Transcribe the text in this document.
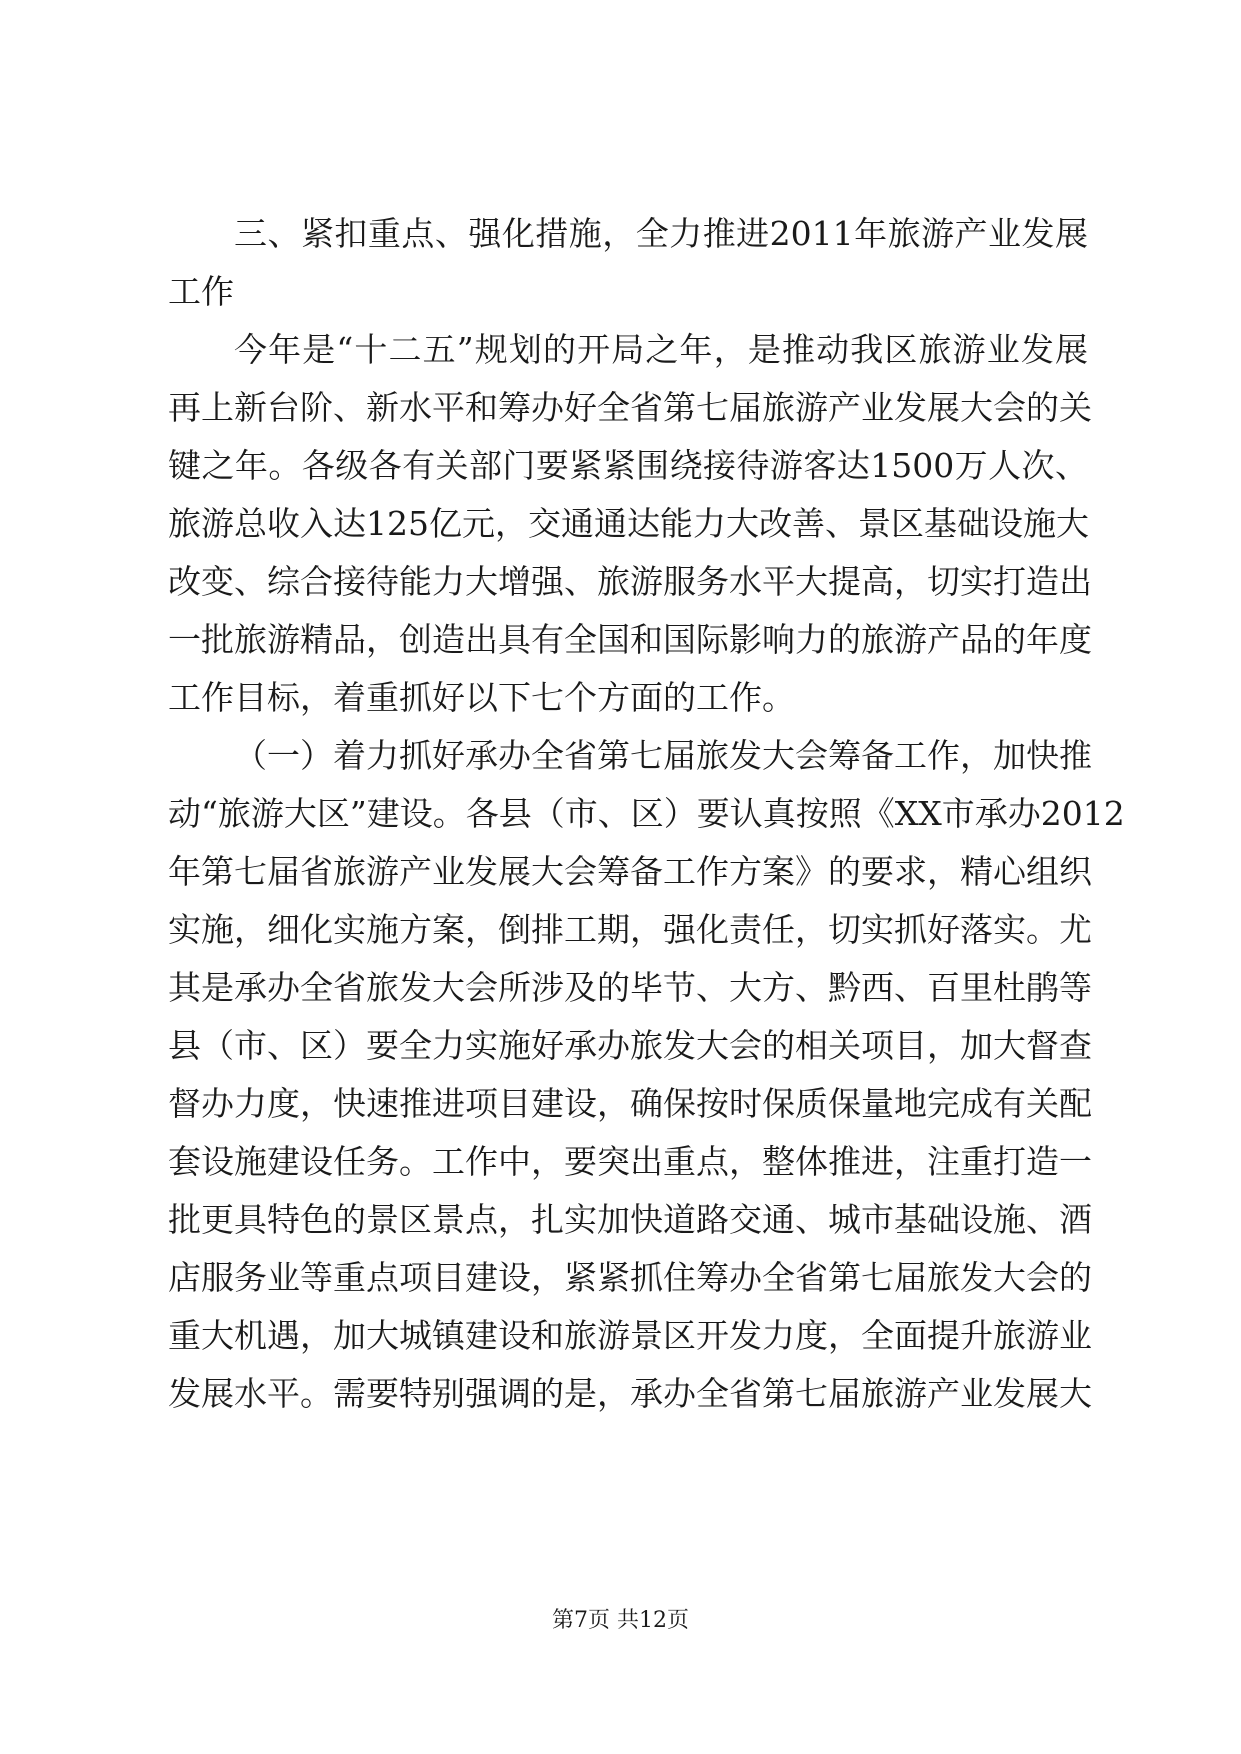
三、紧扣重点、强化措施，全力推进2011年旅游产业发展
工作
今年是“十二五”规划的开局之年，是推动我区旅游业发展
再上新台阶、新水平和筹办好全省第七届旅游产业发展大会的关
键之年。各级各有关部门要紧紧围绕接待游客达1500万人次、
旅游总收入达125亿元，交通通达能力大改善、景区基础设施大
改变、综合接待能力大增强、旅游服务水平大提高，切实打造出
一批旅游精品，创造出具有全国和国际影响力的旅游产品的年度
工作目标，着重抓好以下七个方面的工作。
（一）着力抓好承办全省第七届旅发大会筹备工作，加快推
动“旅游大区”建设。各县（市、区）要认真按照《XX市承办2012
年第七届省旅游产业发展大会筹备工作方案》的要求，精心组织
实施，细化实施方案，倒排工期，强化责任，切实抓好落实。尤
其是承办全省旅发大会所涉及的毕节、大方、黔西、百里杜鹃等
县（市、区）要全力实施好承办旅发大会的相关项目，加大督查
督办力度，快速推进项目建设，确保按时保质保量地完成有关配
套设施建设任务。工作中，要突出重点，整体推进，注重打造一
批更具特色的景区景点，扎实加快道路交通、城市基础设施、酒
店服务业等重点项目建设，紧紧抓住筹办全省第七届旅发大会的
重大机遇，加大城镇建设和旅游景区开发力度，全面提升旅游业
发展水平。需要特别强调的是，承办全省第七届旅游产业发展大
第7页 共12页
